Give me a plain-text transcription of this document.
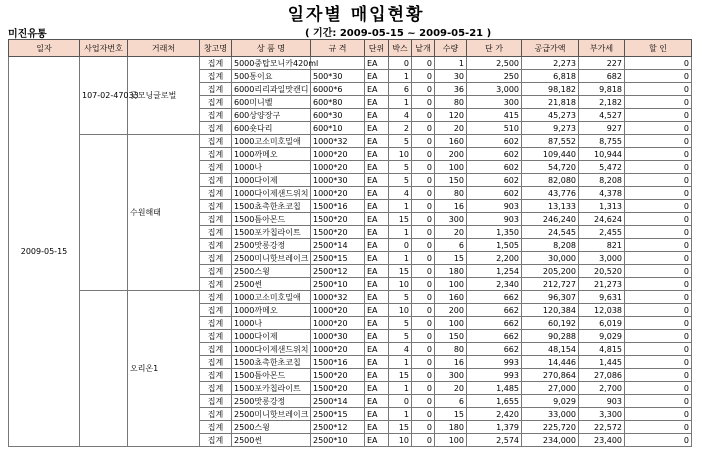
일자별 매입현황
미진유통	( 기간: 2009-05-15 ~ 2009-05-21 )
일자	사업자번호	거래처	창고명	상 품 명	규 격	단위	박스	낱개	수량	단 가	공급가액	부가세	할 인
2009-05-15	107-02-47033	굿모닝글로벌	집계	5000중탑모니카420ml		EA	0	0	1	2,500	2,273	227	0
			집계	500통이요	500*30	EA	1	0	30	250	6,818	682	0
			집계	6000리리과일맛캔디	6000*6	EA	6	0	36	3,000	98,182	9,818	0
			집계	600미니벨	600*80	EA	1	0	80	300	21,818	2,182	0
			집계	600상양장구	600*30	EA	4	0	120	415	45,273	4,527	0
			집계	600숏다리	600*10	EA	2	0	20	510	9,273	927	0
		수원해태	집계	1000고소미호밀애	1000*32	EA	5	0	160	602	87,552	8,755	0
			집계	1000까메오	1000*20	EA	10	0	200	602	109,440	10,944	0
			집계	1000나	1000*20	EA	5	0	100	602	54,720	5,472	0
			집계	1000다이제	1000*30	EA	5	0	150	602	82,080	8,208	0
			집계	1000다이제샌드위치	1000*20	EA	4	0	80	602	43,776	4,378	0
			집계	1500쵸촉한초코칩	1500*16	EA	1	0	16	903	13,133	1,313	0
			집계	1500틈아몬드	1500*20	EA	15	0	300	903	246,240	24,624	0
			집계	1500포카칩라이트	1500*20	EA	1	0	20	1,350	24,545	2,455	0
			집계	2500맛롱강정	2500*14	EA	0	0	6	1,505	8,208	821	0
			집계	2500미니핫브레이크	2500*15	EA	1	0	15	2,200	30,000	3,000	0
			집계	2500스윙	2500*12	EA	15	0	180	1,254	205,200	20,520	0
			집계	2500썬	2500*10	EA	10	0	100	2,340	212,727	21,273	0
		오리온1	집계	1000고소미호밀애	1000*32	EA	5	0	160	662	96,307	9,631	0
			집계	1000까메오	1000*20	EA	10	0	200	662	120,384	12,038	0
			집계	1000나	1000*20	EA	5	0	100	662	60,192	6,019	0
			집계	1000다이제	1000*30	EA	5	0	150	662	90,288	9,029	0
			집계	1000다이제샌드위치	1000*20	EA	4	0	80	662	48,154	4,815	0
			집계	1500쵸촉한초코칩	1500*16	EA	1	0	16	993	14,446	1,445	0
			집계	1500틈아몬드	1500*20	EA	15	0	300	993	270,864	27,086	0
			집계	1500포카칩라이트	1500*20	EA	1	0	20	1,485	27,000	2,700	0
			집계	2500맛롱강정	2500*14	EA	0	0	6	1,655	9,029	903	0
			집계	2500미니핫브레이크	2500*15	EA	1	0	15	2,420	33,000	3,300	0
			집계	2500스윙	2500*12	EA	15	0	180	1,379	225,720	22,572	0
			집계	2500썬	2500*10	EA	10	0	100	2,574	234,000	23,400	0
